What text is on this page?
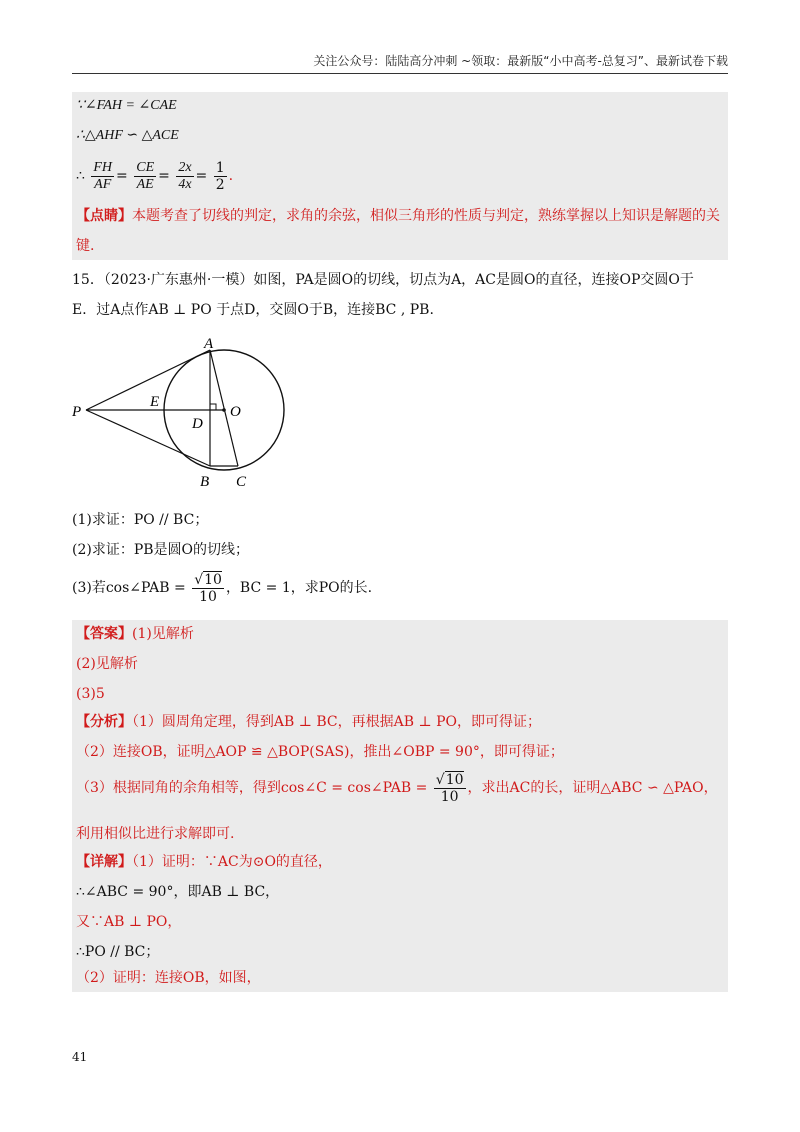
关注公众号：陆陆高分冲刺 ~领取：最新版“小中高考-总复习”、最新试卷下载
∵∠FAH = ∠CAE
∴△AHF ∽ △ACE
∴ $\frac{FH}{AF} = \frac{CE}{AE} = \frac{2x}{4x} = \frac{1}{2}$ .
【点睛】本题考查了切线的判定，求角的余弦，相似三角形的性质与判定，熟练掌握以上知识是解题的关
键.
15．（2023·广东惠州·一模）如图，PA是圆O的切线，切点为A，AC是圆O的直径，连接OP交圆O于
E．过A点作AB ⊥ PO 于点D，交圆O于B，连接BC , PB.
A
P
E
D
O
B C
(1)求证：PO // BC；
(2)求证：PB是圆O的切线；
(3)若cos∠PAB = $\frac{√10}{10}$ ，BC = 1，求PO的长.
【答案】(1)见解析
(2)见解析
(3)5
【分析】（1）圆周角定理，得到AB ⊥ BC，再根据AB ⊥ PO，即可得证；
（2）连接OB，证明△AOP ≌ △BOP(SAS)，推出∠OBP = 90°，即可得证；
（3）根据同角的余角相等，得到cos∠C = cos∠PAB = $\frac{√10}{10}$ ，求出AC的长，证明△ABC ∽ △PAO，
利用相似比进行求解即可.
【详解】（1）证明：∵AC为⊙O的直径，
∴∠ABC = 90°，即AB ⊥ BC，
又∵AB ⊥ PO，
∴PO // BC；
（2）证明：连接OB，如图，
41
